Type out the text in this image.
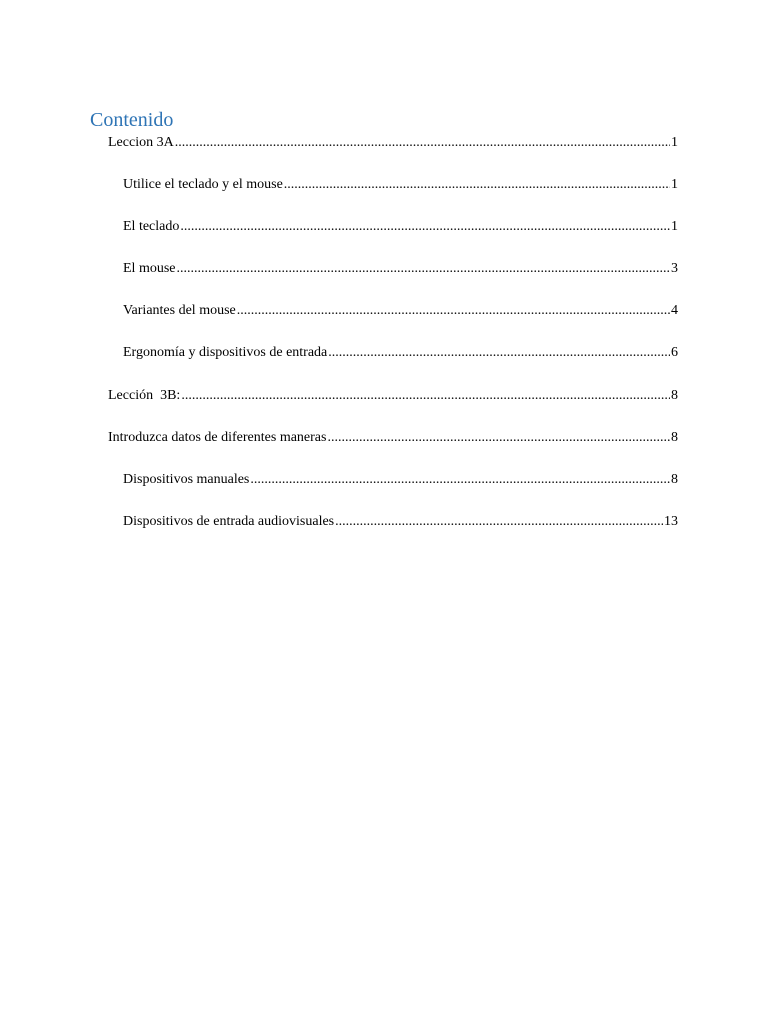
Contenido
Leccion 3A .....	1
Utilice el teclado y el mouse .....	1
El teclado .....	1
El mouse .....	3
Variantes del mouse .....	4
Ergonomía y dispositivos de entrada .....	6
Lección  3B: .....	8
Introduzca datos de diferentes maneras .....	8
Dispositivos manuales .....	8
Dispositivos de entrada audiovisuales .....	13
